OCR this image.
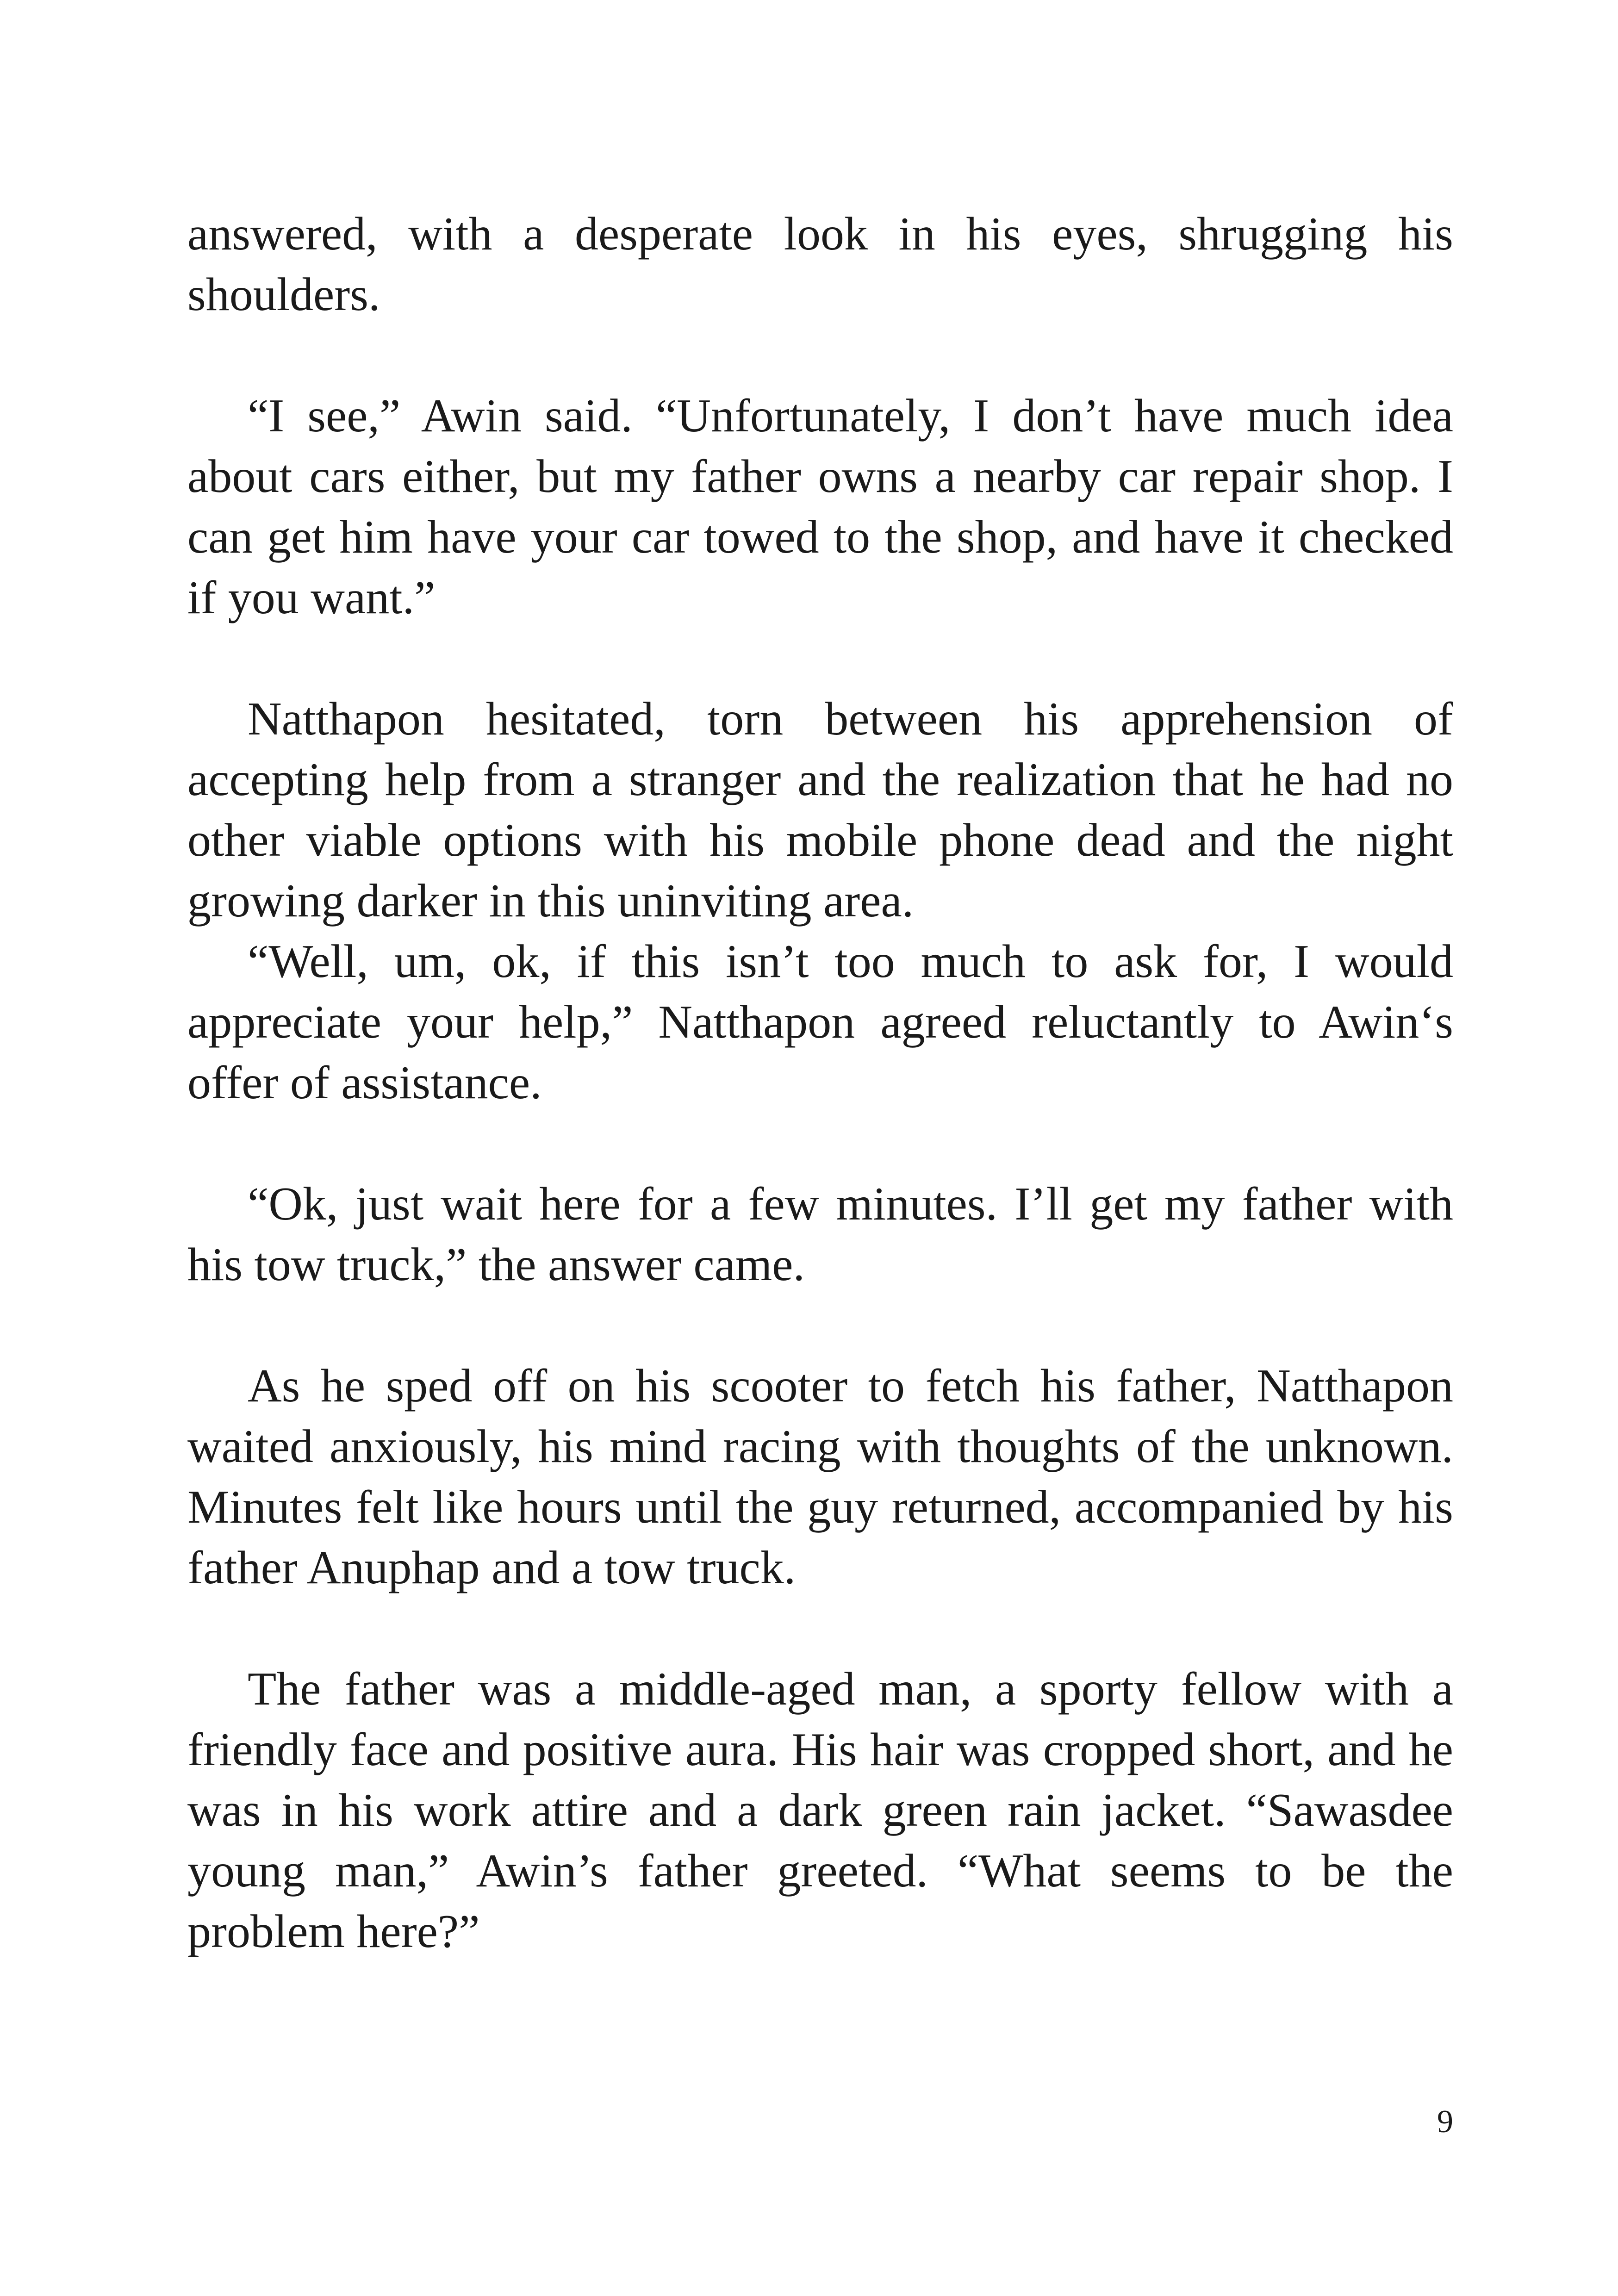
answered, with a desperate look in his eyes, shrugging his shoulders.

“I see,” Awin said. “Unfortunately, I don’t have much idea about cars either, but my father owns a nearby car repair shop. I can get him have your car towed to the shop, and have it checked if you want.”

Natthapon hesitated, torn between his apprehension of accepting help from a stranger and the realization that he had no other viable options with his mobile phone dead and the night growing darker in this uninviting area.

“Well, um, ok, if this isn’t too much to ask for, I would appreciate your help,” Natthapon agreed reluctantly to Awin‘s offer of assistance.

“Ok, just wait here for a few minutes. I’ll get my father with his tow truck,” the answer came.

As he sped off on his scooter to fetch his father, Natthapon waited anxiously, his mind racing with thoughts of the unknown. Minutes felt like hours until the guy returned, accompanied by his father Anuphap and a tow truck.

The father was a middle-aged man, a sporty fellow with a friendly face and positive aura. His hair was cropped short, and he was in his work attire and a dark green rain jacket. “Sawasdee young man,” Awin’s father greeted. “What seems to be the problem here?”

9
